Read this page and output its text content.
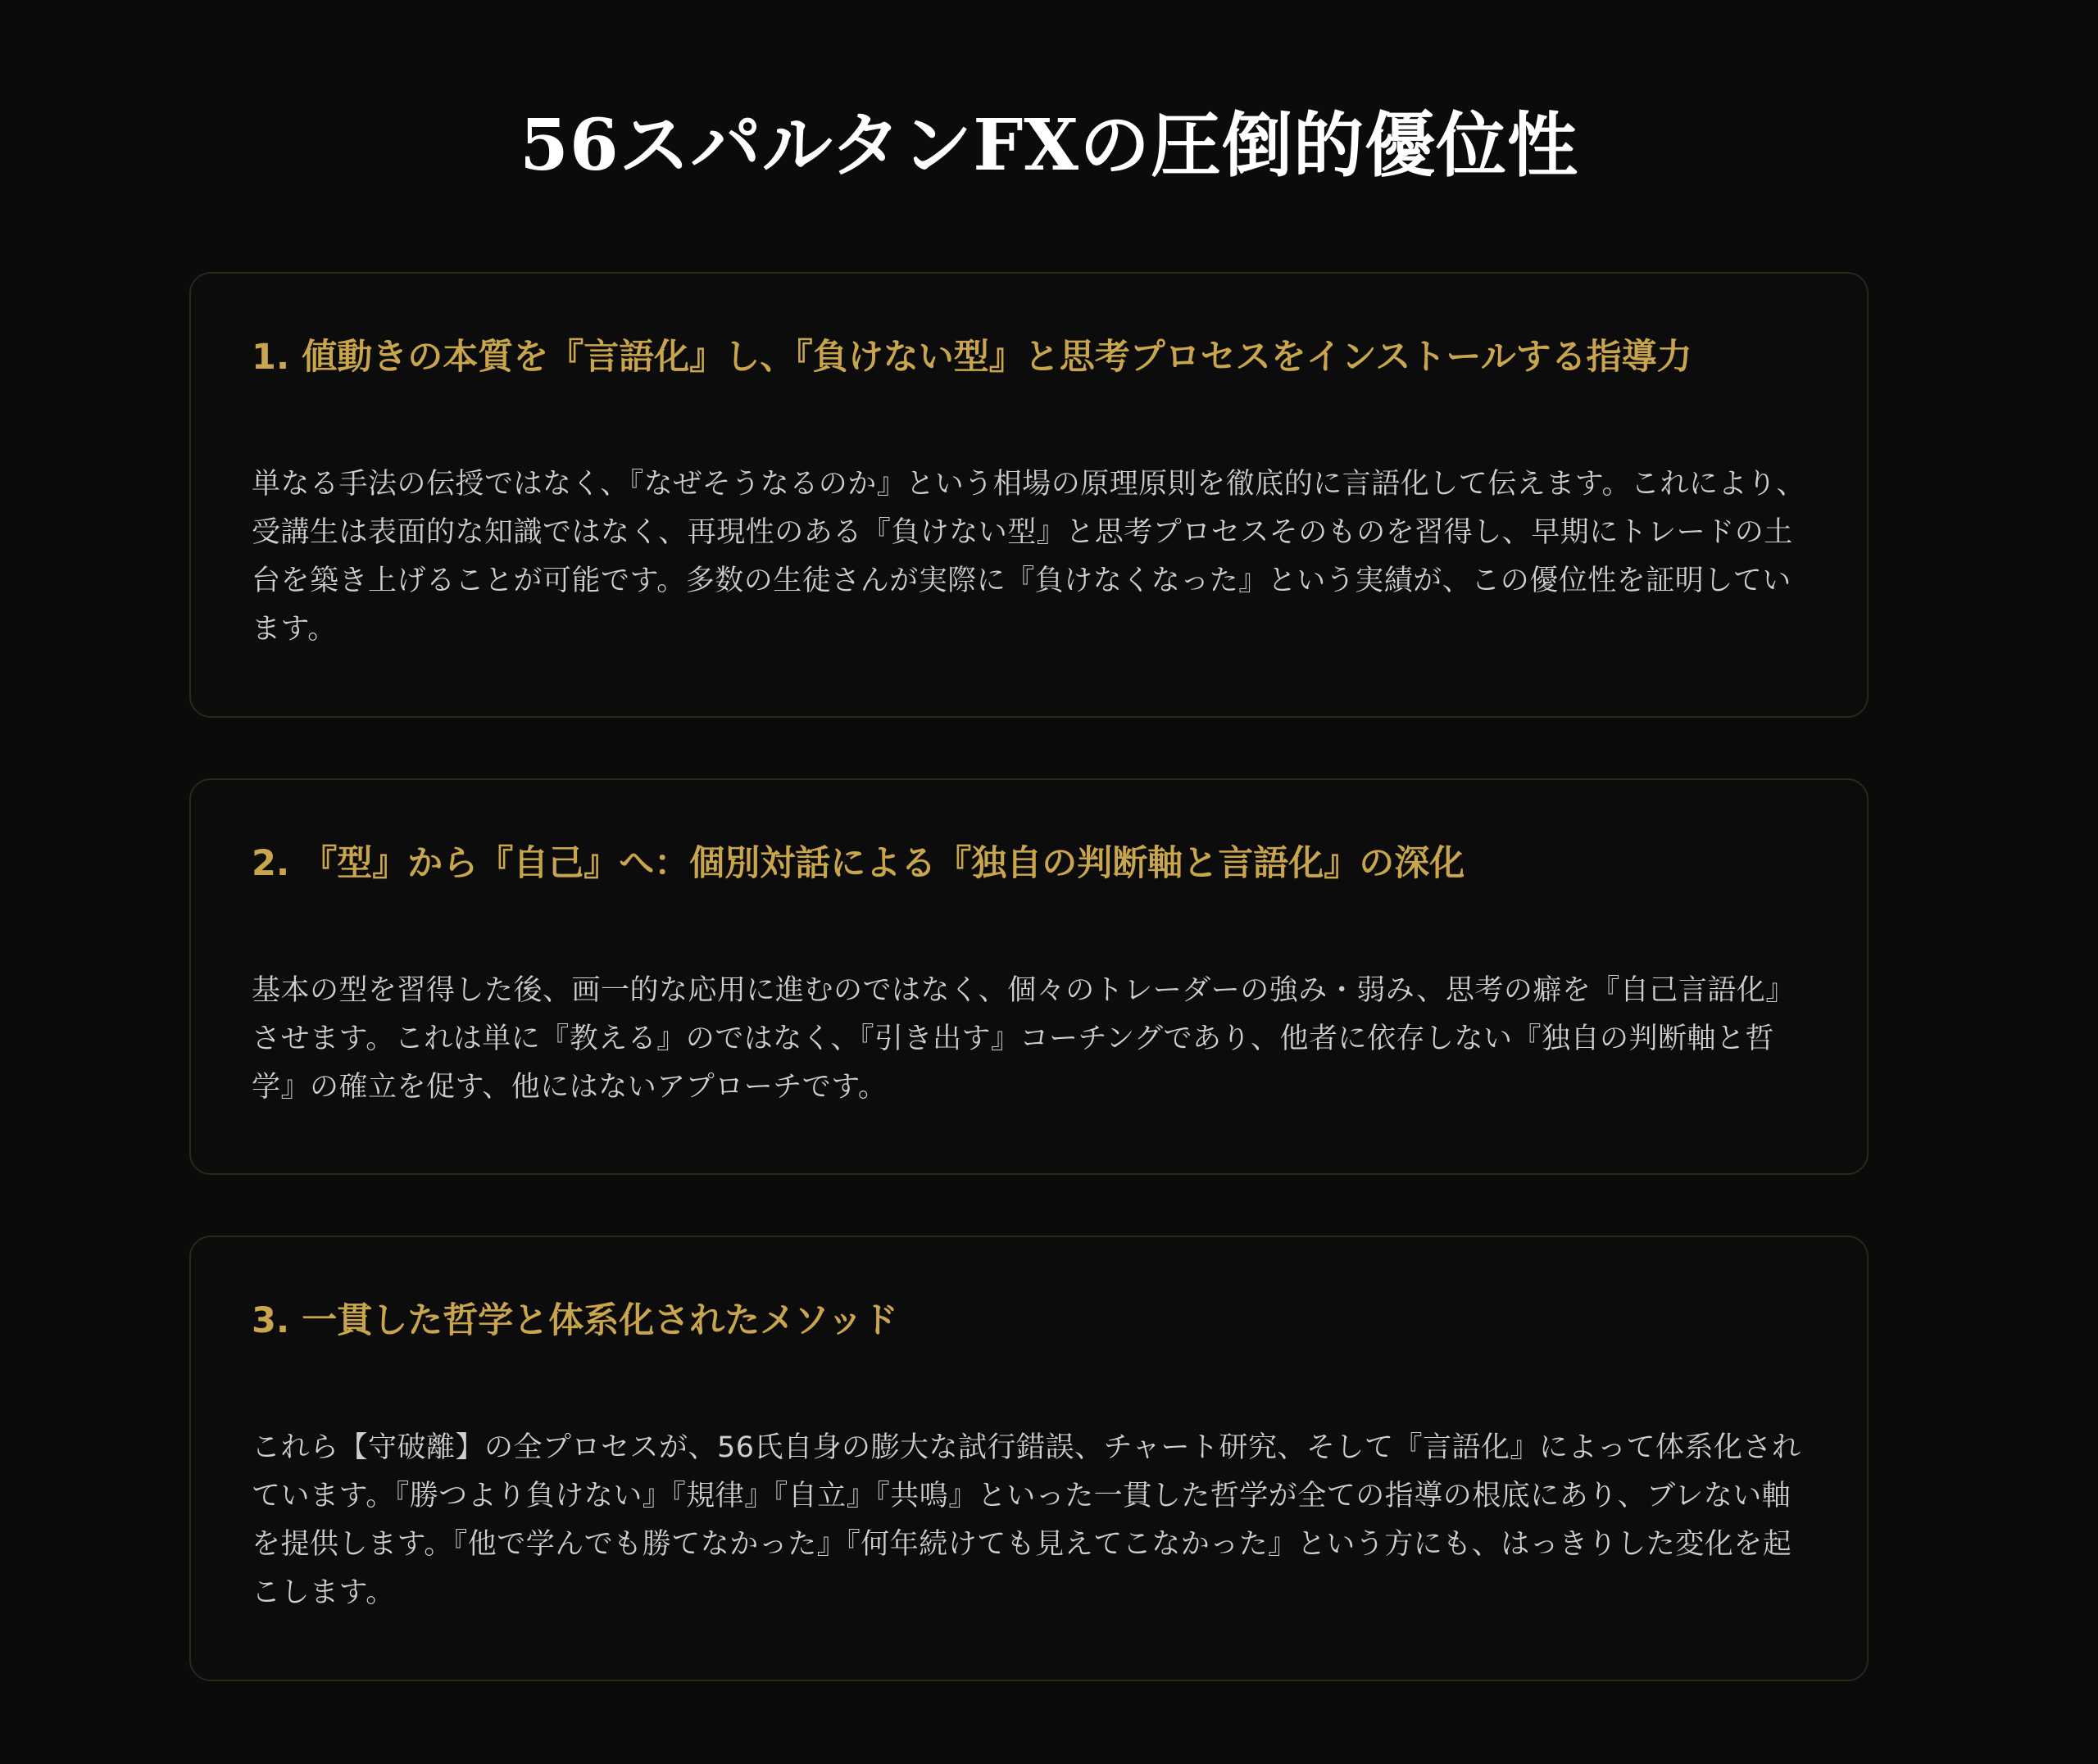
56スパルタンFXの圧倒的優位性
1. 値動きの本質を『言語化』し、『負けない型』と思考プロセスをインストールする指導力

単なる手法の伝授ではなく、『なぜそうなるのか』という相場の原理原則を徹底的に言語化して伝えます。これにより、受講生は表面的な知識ではなく、再現性のある『負けない型』と思考プロセスそのものを習得し、早期にトレードの土台を築き上げることが可能です。多数の生徒さんが実際に『負けなくなった』という実績が、この優位性を証明しています。

2. 『型』から『自己』へ：個別対話による『独自の判断軸と言語化』の深化

基本の型を習得した後、画一的な応用に進むのではなく、個々のトレーダーの強み・弱み、思考の癖を『自己言語化』させます。これは単に『教える』のではなく、『引き出す』コーチングであり、他者に依存しない『独自の判断軸と哲学』の確立を促す、他にはないアプローチです。

3. 一貫した哲学と体系化されたメソッド

これら【守破離】の全プロセスが、56氏自身の膨大な試行錯誤、チャート研究、そして『言語化』によって体系化されています。『勝つより負けない』『規律』『自立』『共鳴』といった一貫した哲学が全ての指導の根底にあり、ブレない軸を提供します。『他で学んでも勝てなかった』『何年続けても見えてこなかった』という方にも、はっきりした変化を起こします。
